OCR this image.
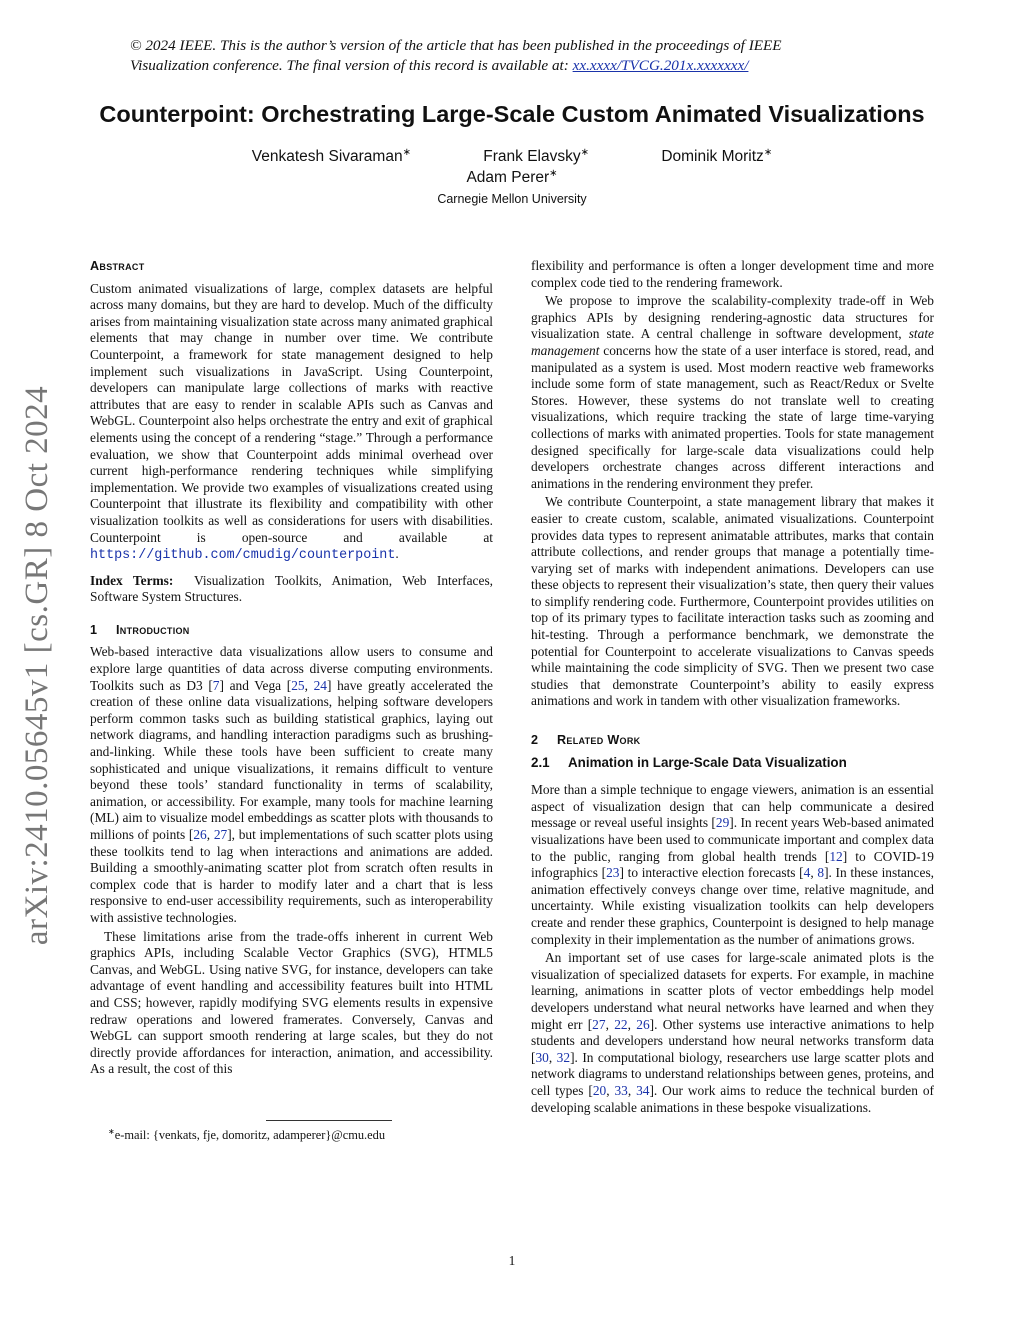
arXiv:2410.05645v1 [cs.GR] 8 Oct 2024
© 2024 IEEE. This is the author’s version of the article that has been published in the proceedings of IEEE
Visualization conference. The final version of this record is available at: xx.xxxx/TVCG.201x.xxxxxxx/
Counterpoint: Orchestrating Large-Scale Custom Animated Visualizations
Venkatesh Sivaraman∗	Frank Elavsky∗	Dominik Moritz∗
Adam Perer∗
Carnegie Mellon University
Abstract

Custom animated visualizations of large, complex datasets are helpful across many domains, but they are hard to develop. Much of the difficulty arises from maintaining visualization state across many animated graphical elements that may change in number over time. We contribute Counterpoint, a framework for state management designed to help implement such visualizations in JavaScript. Using Counterpoint, developers can manipulate large collections of marks with reactive attributes that are easy to render in scalable APIs such as Canvas and WebGL. Counterpoint also helps orchestrate the entry and exit of graphical elements using the concept of a rendering “stage.” Through a performance evaluation, we show that Counterpoint adds minimal overhead over current high-performance rendering techniques while simplifying implementation. We provide two examples of visualizations created using Counterpoint that illustrate its flexibility and compatibility with other visualization toolkits as well as considerations for users with disabilities. Counterpoint is open-source and available at https://github.com/cmudig/counterpoint.

Index Terms: Visualization Toolkits, Animation, Web Interfaces, Software System Structures.

1 Introduction

Web-based interactive data visualizations allow users to consume and explore large quantities of data across diverse computing environments. Toolkits such as D3 [7] and Vega [25, 24] have greatly accelerated the creation of these online data visualizations, helping software developers perform common tasks such as building statistical graphics, laying out network diagrams, and handling interaction paradigms such as brushing-and-linking. While these tools have been sufficient to create many sophisticated and unique visualizations, it remains difficult to venture beyond these tools’ standard functionality in terms of scalability, animation, or accessibility. For example, many tools for machine learning (ML) aim to visualize model embeddings as scatter plots with thousands to millions of points [26, 27], but implementations of such scatter plots using these toolkits tend to lag when interactions and animations are added. Building a smoothly-animating scatter plot from scratch often results in complex code that is harder to modify later and a chart that is less responsive to end-user accessibility requirements, such as interoperability with assistive technologies.

These limitations arise from the trade-offs inherent in current Web graphics APIs, including Scalable Vector Graphics (SVG), HTML5 Canvas, and WebGL. Using native SVG, for instance, developers can take advantage of event handling and accessibility features built into HTML and CSS; however, rapidly modifying SVG elements results in expensive redraw operations and lowered framerates. Conversely, Canvas and WebGL can support smooth rendering at large scales, but they do not directly provide affordances for interaction, animation, and accessibility. As a result, the cost of this

∗e-mail: {venkats, fje, domoritz, adamperer}@cmu.edu

flexibility and performance is often a longer development time and more complex code tied to the rendering framework.

We propose to improve the scalability-complexity trade-off in Web graphics APIs by designing rendering-agnostic data structures for visualization state. A central challenge in software development, state management concerns how the state of a user interface is stored, read, and manipulated as a system is used. Most modern reactive web frameworks include some form of state management, such as React/Redux or Svelte Stores. However, these systems do not translate well to creating visualizations, which require tracking the state of large time-varying collections of marks with animated properties. Tools for state management designed specifically for large-scale data visualizations could help developers orchestrate changes across different interactions and animations in the rendering environment they prefer.

We contribute Counterpoint, a state management library that makes it easier to create custom, scalable, animated visualizations. Counterpoint provides data types to represent animatable attributes, marks that contain attribute collections, and render groups that manage a potentially time-varying set of marks with independent animations. Developers can use these objects to represent their visualization’s state, then query their values to simplify rendering code. Furthermore, Counterpoint provides utilities on top of its primary types to facilitate interaction tasks such as zooming and hit-testing. Through a performance benchmark, we demonstrate the potential for Counterpoint to accelerate visualizations to Canvas speeds while maintaining the code simplicity of SVG. Then we present two case studies that demonstrate Counterpoint’s ability to easily express animations and work in tandem with other visualization frameworks.

2 Related Work
2.1 Animation in Large-Scale Data Visualization

More than a simple technique to engage viewers, animation is an essential aspect of visualization design that can help communicate a desired message or reveal useful insights [29]. In recent years Web-based animated visualizations have been used to communicate important and complex data to the public, ranging from global health trends [12] to COVID-19 infographics [23] to interactive election forecasts [4, 8]. In these instances, animation effectively conveys change over time, relative magnitude, and uncertainty. While existing visualization toolkits can help developers create and render these graphics, Counterpoint is designed to help manage complexity in their implementation as the number of animations grows.

An important set of use cases for large-scale animated plots is the visualization of specialized datasets for experts. For example, in machine learning, animations in scatter plots of vector embeddings help model developers understand what neural networks have learned and when they might err [27, 22, 26]. Other systems use interactive animations to help students and developers understand how neural networks transform data [30, 32]. In computational biology, researchers use large scatter plots and network diagrams to understand relationships between genes, proteins, and cell types [20, 33, 34]. Our work aims to reduce the technical burden of developing scalable animations in these bespoke visualizations.

1
